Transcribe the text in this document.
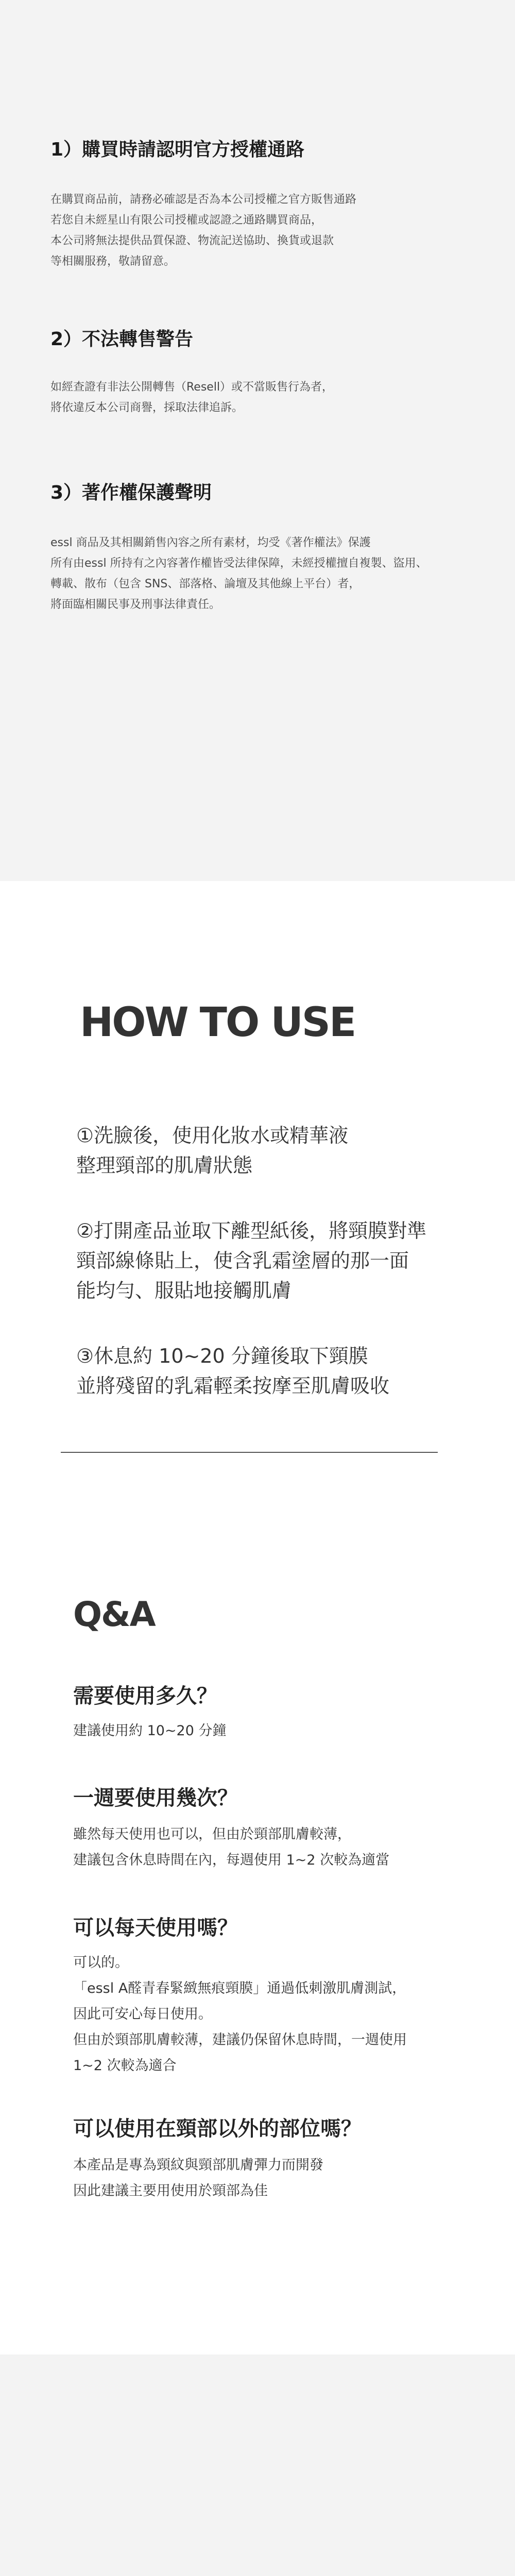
1）購買時請認明官方授權通路
在購買商品前，請務必確認是否為本公司授權之官方販售通路
若您自未經星山有限公司授權或認證之通路購買商品，
本公司將無法提供品質保證、物流記送協助、換貨或退款
等相關服務，敬請留意。
2）不法轉售警告
如經查證有非法公開轉售（Resell）或不當販售行為者，
將依違反本公司商譽，採取法律追訴。
3）著作權保護聲明
essl 商品及其相關銷售內容之所有素材，均受《著作權法》保護
所有由essl 所持有之內容著作權皆受法律保障，未經授權擅自複製、盜用、
轉載、散布（包含 SNS、部落格、論壇及其他線上平台）者，
將面臨相關民事及刑事法律責任。
HOW TO USE
①洗臉後，使用化妝水或精華液
整理頸部的肌膚狀態
②打開產品並取下離型紙後，將頸膜對準
頸部線條貼上，使含乳霜塗層的那一面
能均勻、服貼地接觸肌膚
③休息約 10~20 分鐘後取下頸膜
並將殘留的乳霜輕柔按摩至肌膚吸收
Q&A
需要使用多久？
建議使用約 10~20 分鐘
一週要使用幾次？
雖然每天使用也可以，但由於頸部肌膚較薄，
建議包含休息時間在內，每週使用 1~2 次較為適當
可以每天使用嗎？
可以的。
「essl A醛青春緊緻無痕頸膜」通過低刺激肌膚測試，
因此可安心每日使用。
但由於頸部肌膚較薄，建議仍保留休息時間，一週使用
1~2 次較為適合
可以使用在頸部以外的部位嗎？
本產品是專為頸紋與頸部肌膚彈力而開發
因此建議主要用使用於頸部為佳
